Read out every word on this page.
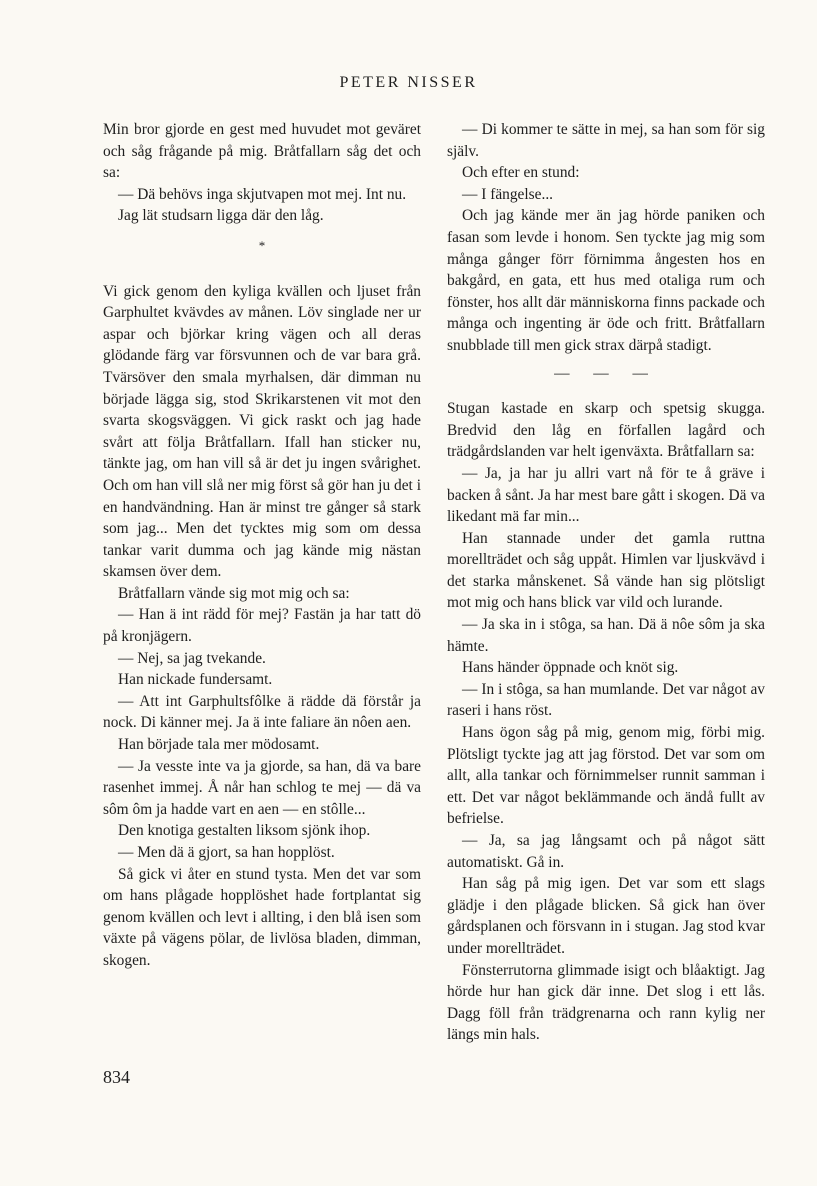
PETER NISSER

Min bror gjorde en gest med huvudet mot geväret och såg frågande på mig. Bråtfallarn såg det och sa:

— Dä behövs inga skjutvapen mot mej. Int nu.

Jag lät studsarn ligga där den låg.

*

Vi gick genom den kyliga kvällen och ljuset från Garphultet kvävdes av månen. Löv singlade ner ur aspar och björkar kring vägen och all deras glödande färg var försvunnen och de var bara grå. Tvärsöver den smala myrhalsen, där dimman nu började lägga sig, stod Skrikarstenen vit mot den svarta skogsväggen. Vi gick raskt och jag hade svårt att följa Bråtfallarn. Ifall han sticker nu, tänkte jag, om han vill så är det ju ingen svårighet. Och om han vill slå ner mig först så gör han ju det i en handvändning. Han är minst tre gånger så stark som jag... Men det tycktes mig som om dessa tankar varit dumma och jag kände mig nästan skamsen över dem.

Bråtfallarn vände sig mot mig och sa:

— Han ä int rädd för mej? Fastän ja har tatt dö på kronjägern.

— Nej, sa jag tvekande.

Han nickade fundersamt.

— Att int Garphultsfôlke ä rädde dä förstår ja nock. Di känner mej. Ja ä inte faliare än nôen aen.

Han började tala mer mödosamt.

— Ja vesste inte va ja gjorde, sa han, dä va bare rasenhet immej. Å når han schlog te mej — dä va sôm ôm ja hadde vart en aen — en stôlle...

Den knotiga gestalten liksom sjönk ihop.

— Men dä ä gjort, sa han hopplöst.

Så gick vi åter en stund tysta. Men det var som om hans plågade hopplöshet hade fortplantat sig genom kvällen och levt i allting, i den blå isen som växte på vägens pölar, de livlösa bladen, dimman, skogen.

— Di kommer te sätte in mej, sa han som för sig själv.

Och efter en stund:

— I fängelse...

Och jag kände mer än jag hörde paniken och fasan som levde i honom. Sen tyckte jag mig som många gånger förr förnimma ångesten hos en bakgård, en gata, ett hus med otaliga rum och fönster, hos allt där människorna finns packade och många och ingenting är öde och fritt. Bråtfallarn snubblade till men gick strax därpå stadigt.

— — —

Stugan kastade en skarp och spetsig skugga. Bredvid den låg en förfallen lagård och trädgårdslanden var helt igenväxta. Bråtfallarn sa:

— Ja, ja har ju allri vart nå för te å gräve i backen å sånt. Ja har mest bare gått i skogen. Dä va likedant mä far min...

Han stannade under det gamla ruttna morellträdet och såg uppåt. Himlen var ljuskvävd i det starka månskenet. Så vände han sig plötsligt mot mig och hans blick var vild och lurande.

— Ja ska in i stôga, sa han. Dä ä nôe sôm ja ska hämte.

Hans händer öppnade och knöt sig.

— In i stôga, sa han mumlande. Det var något av raseri i hans röst.

Hans ögon såg på mig, genom mig, förbi mig. Plötsligt tyckte jag att jag förstod. Det var som om allt, alla tankar och förnimmelser runnit samman i ett. Det var något beklämmande och ändå fullt av befrielse.

— Ja, sa jag långsamt och på något sätt automatiskt. Gå in.

Han såg på mig igen. Det var som ett slags glädje i den plågade blicken. Så gick han över gårdsplanen och försvann in i stugan. Jag stod kvar under morellträdet.

Fönsterrutorna glimmade isigt och blåaktigt. Jag hörde hur han gick där inne. Det slog i ett lås. Dagg föll från trädgrenarna och rann kylig ner längs min hals.

834
